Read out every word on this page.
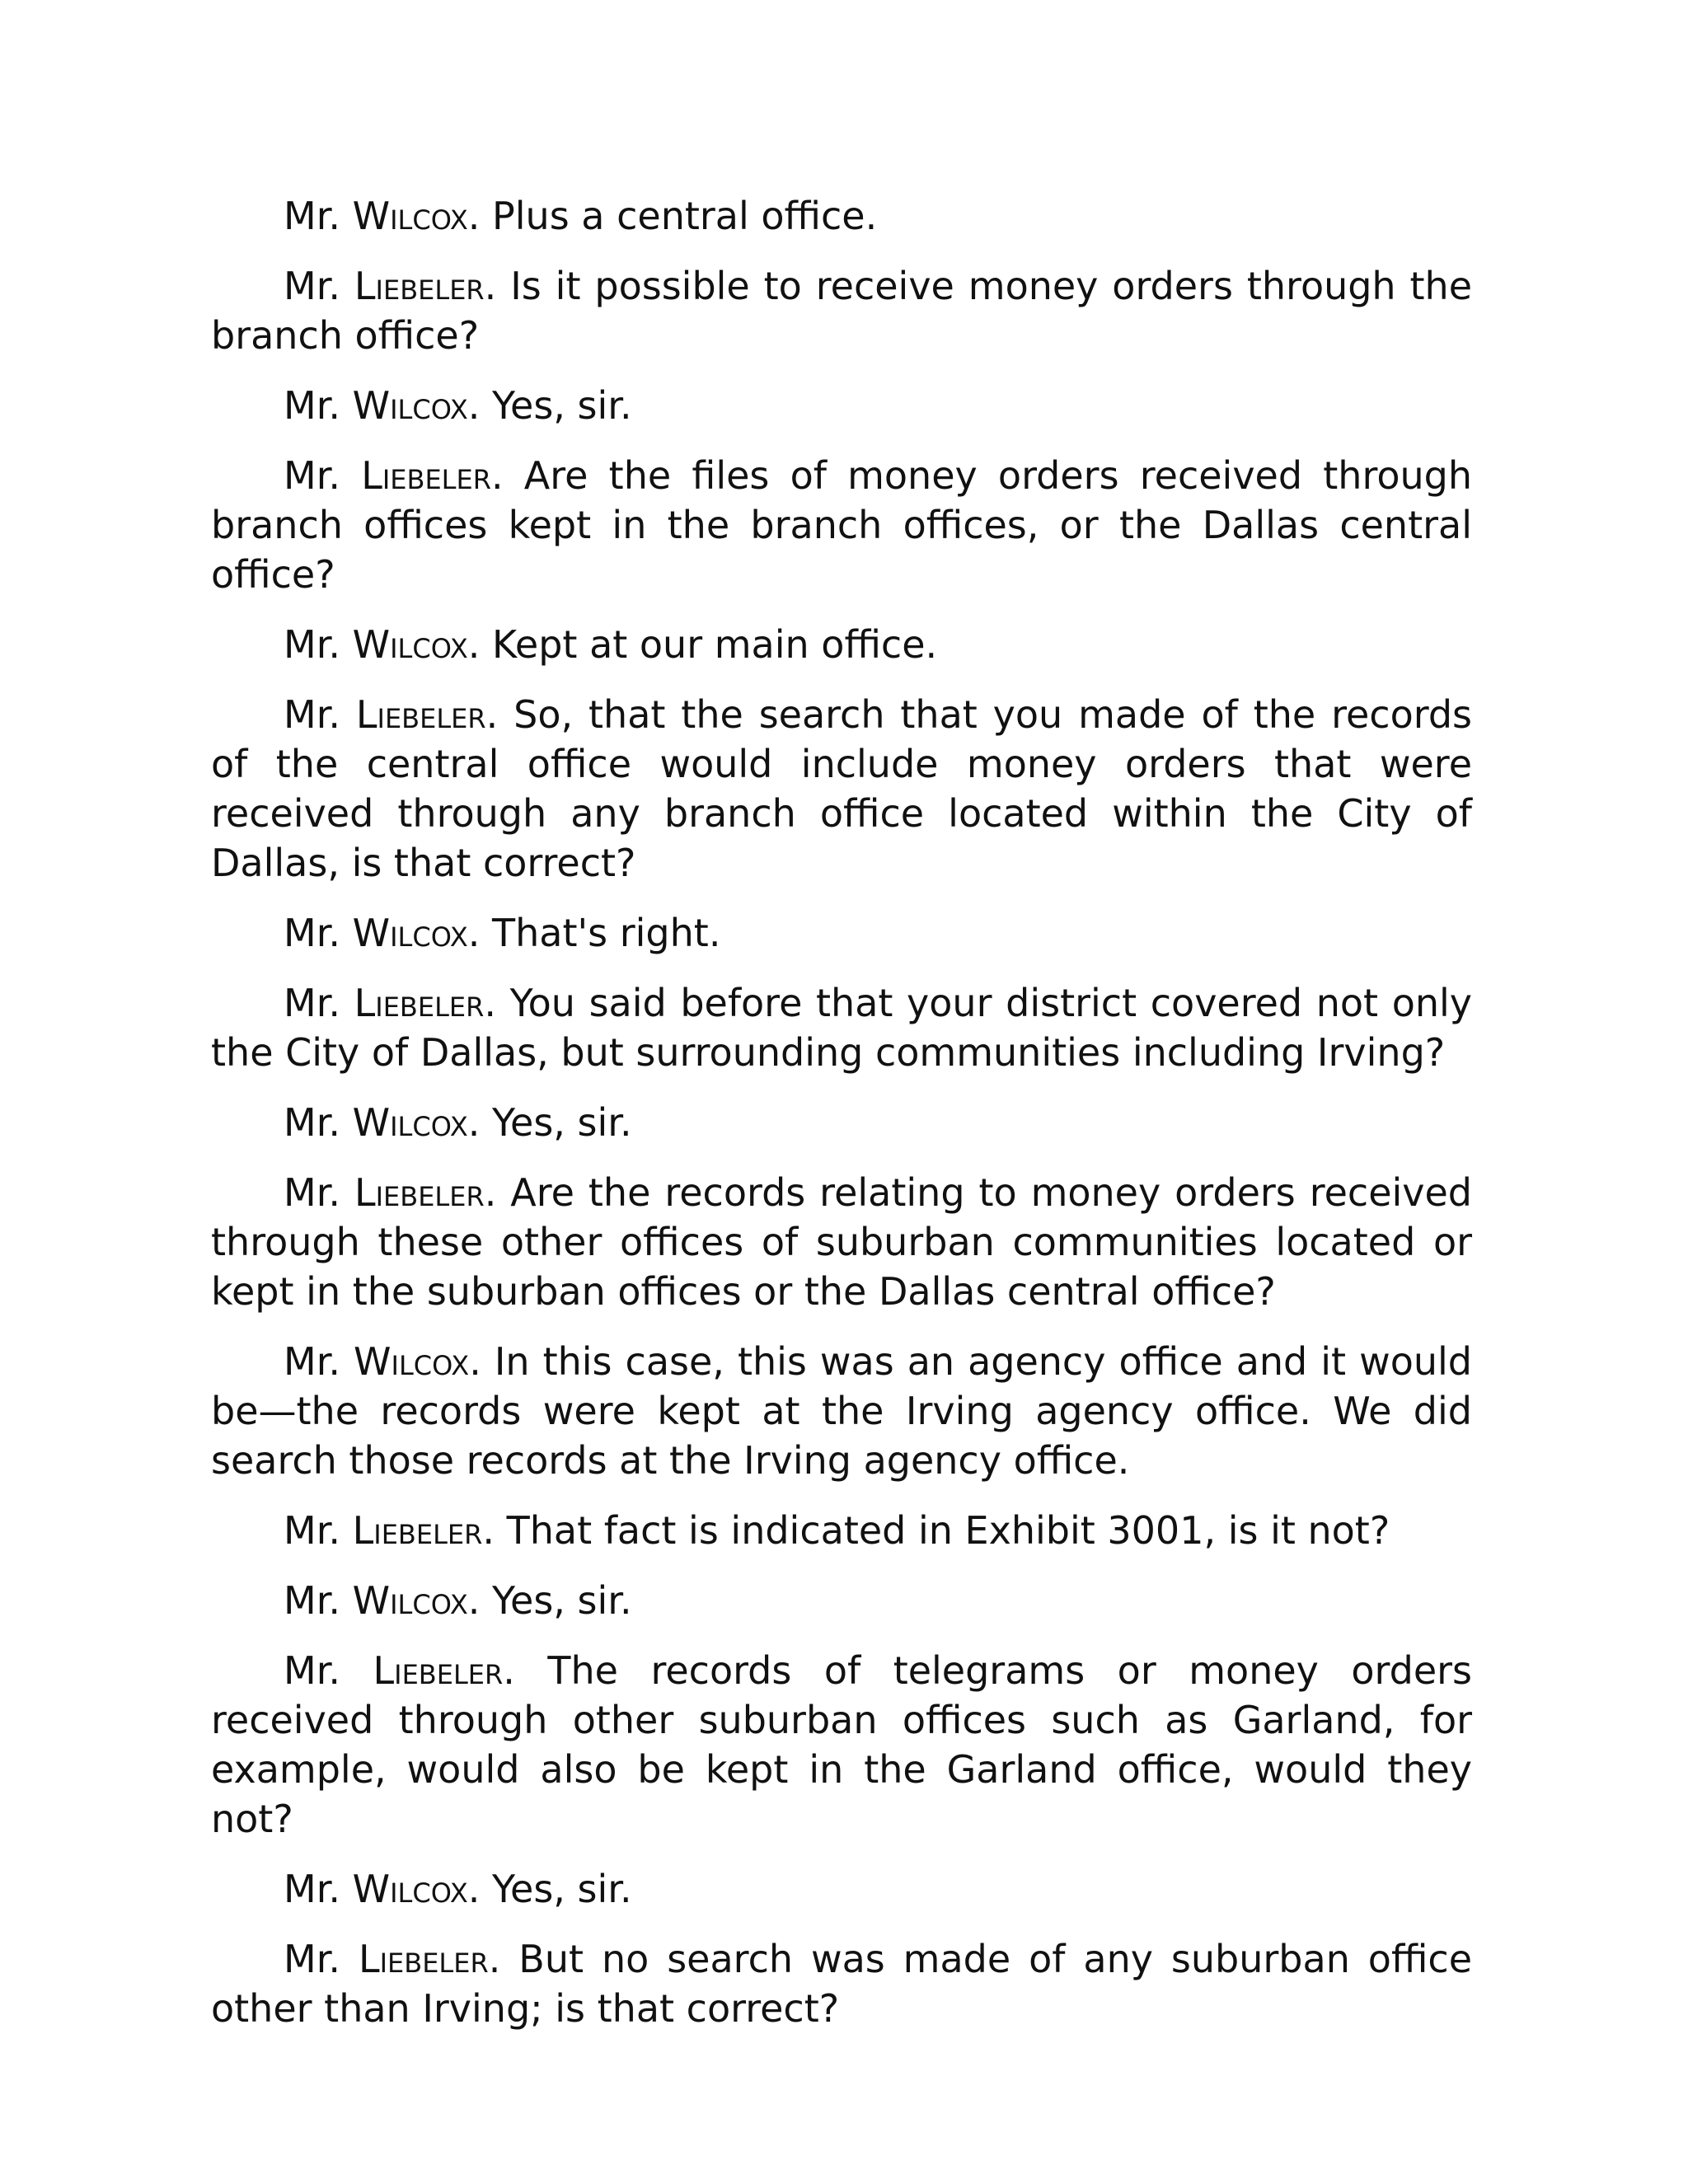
Mr. Wilcox. Plus a central office.

Mr. Liebeler. Is it possible to receive money orders through the branch office?

Mr. Wilcox. Yes, sir.

Mr. Liebeler. Are the files of money orders received through branch offices kept in the branch offices, or the Dallas central office?

Mr. Wilcox. Kept at our main office.

Mr. Liebeler. So, that the search that you made of the records of the central office would include money orders that were received through any branch office located within the City of Dallas, is that correct?

Mr. Wilcox. That's right.

Mr. Liebeler. You said before that your district covered not only the City of Dallas, but surrounding communities including Irving?

Mr. Wilcox. Yes, sir.

Mr. Liebeler. Are the records relating to money orders received through these other offices of suburban communities located or kept in the suburban offices or the Dallas central office?

Mr. Wilcox. In this case, this was an agency office and it would be—the records were kept at the Irving agency office. We did search those records at the Irving agency office.

Mr. Liebeler. That fact is indicated in Exhibit 3001, is it not?

Mr. Wilcox. Yes, sir.

Mr. Liebeler. The records of telegrams or money orders received through other suburban offices such as Garland, for example, would also be kept in the Garland office, would they not?

Mr. Wilcox. Yes, sir.

Mr. Liebeler. But no search was made of any suburban office other than Irving; is that correct?
